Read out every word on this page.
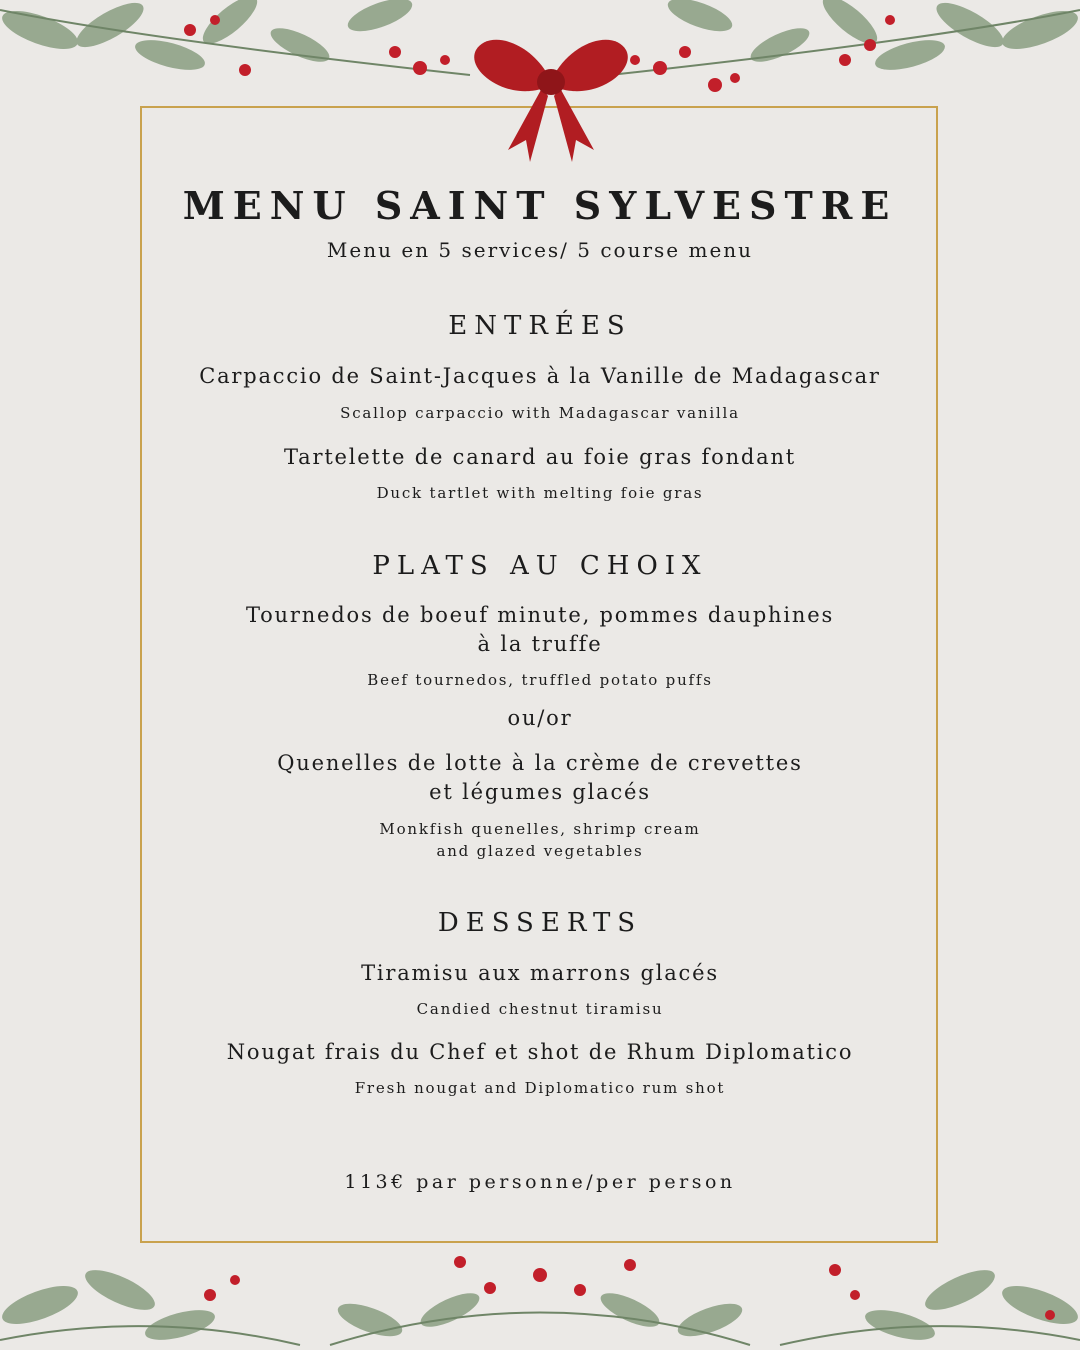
MENU SAINT SYLVESTRE
Menu en 5 services/ 5 course menu
ENTRÉES
Carpaccio de Saint-Jacques à la Vanille de Madagascar
Scallop carpaccio with Madagascar vanilla
Tartelette de canard au foie gras fondant
Duck tartlet with melting foie gras
PLATS AU CHOIX
Tournedos de boeuf minute, pommes dauphines
à la truffe
Beef tournedos, truffled potato puffs
ou/or
Quenelles de lotte à la crème de crevettes
et légumes glacés
Monkfish quenelles, shrimp cream
and glazed vegetables
DESSERTS
Tiramisu aux marrons glacés
Candied chestnut tiramisu
Nougat frais du Chef et shot de Rhum Diplomatico
Fresh nougat and Diplomatico rum shot
113€ par personne/per person
